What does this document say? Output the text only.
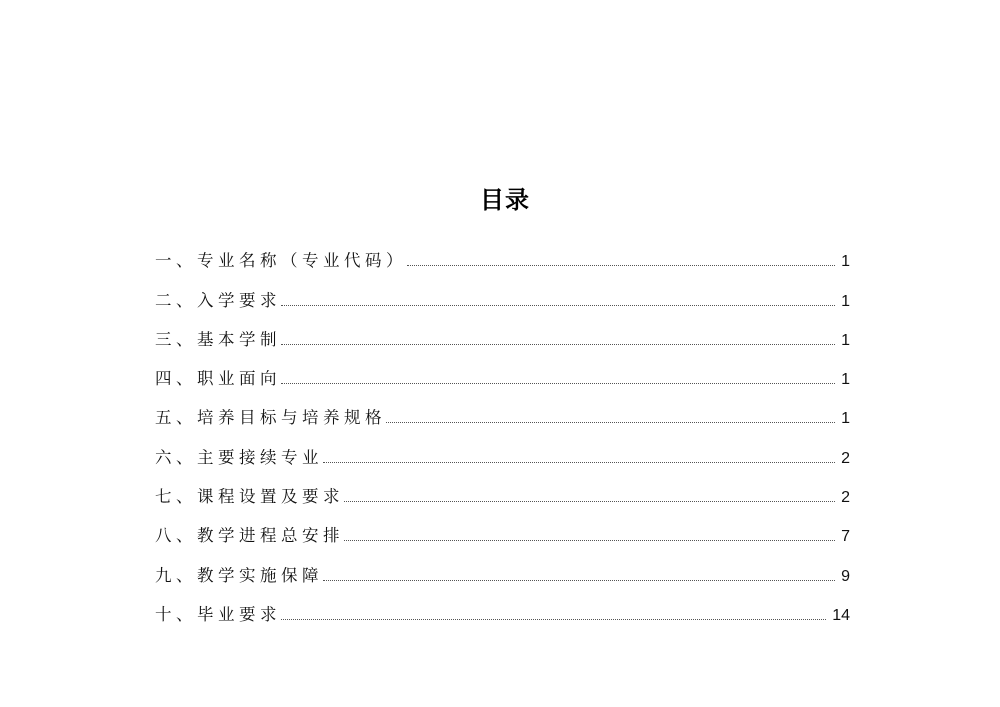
目录
一、专业名称（专业代码）	1
二、入学要求	1
三、基本学制	1
四、职业面向	1
五、培养目标与培养规格	1
六、主要接续专业	2
七、课程设置及要求	2
八、教学进程总安排	7
九、教学实施保障	9
十、毕业要求	14
